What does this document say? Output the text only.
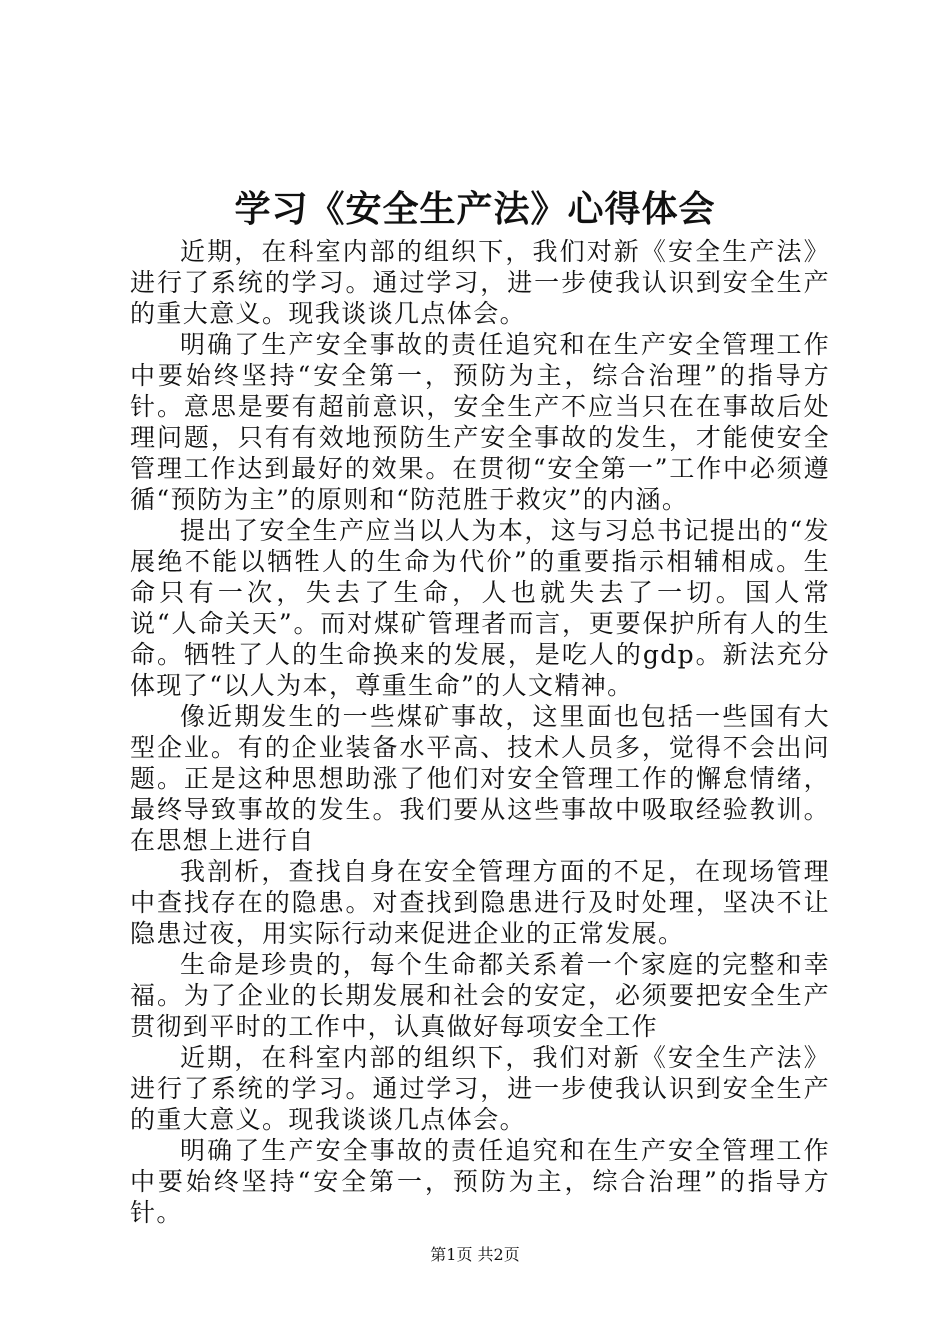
学习《安全生产法》心得体会

近期，在科室内部的组织下，我们对新《安全生产法》进行了系统的学习。通过学习，进一步使我认识到安全生产的重大意义。现我谈谈几点体会。

明确了生产安全事故的责任追究和在生产安全管理工作中要始终坚持“安全第一，预防为主，综合治理”的指导方针。意思是要有超前意识，安全生产不应当只在在事故后处理问题，只有有效地预防生产安全事故的发生，才能使安全管理工作达到最好的效果。在贯彻“安全第一”工作中必须遵循“预防为主”的原则和“防范胜于救灾”的内涵。

提出了安全生产应当以人为本，这与习总书记提出的“发展绝不能以牺牲人的生命为代价”的重要指示相辅相成。生命只有一次，失去了生命，人也就失去了一切。国人常说“人命关天”。而对煤矿管理者而言，更要保护所有人的生命。牺牲了人的生命换来的发展，是吃人的gdp。新法充分体现了“以人为本，尊重生命”的人文精神。

像近期发生的一些煤矿事故，这里面也包括一些国有大型企业。有的企业装备水平高、技术人员多，觉得不会出问题。正是这种思想助涨了他们对安全管理工作的懈怠情绪，最终导致事故的发生。我们要从这些事故中吸取经验教训。在思想上进行自

我剖析，查找自身在安全管理方面的不足，在现场管理中查找存在的隐患。对查找到隐患进行及时处理，坚决不让隐患过夜，用实际行动来促进企业的正常发展。

生命是珍贵的，每个生命都关系着一个家庭的完整和幸福。为了企业的长期发展和社会的安定，必须要把安全生产贯彻到平时的工作中，认真做好每项安全工作

近期，在科室内部的组织下，我们对新《安全生产法》进行了系统的学习。通过学习，进一步使我认识到安全生产的重大意义。现我谈谈几点体会。

明确了生产安全事故的责任追究和在生产安全管理工作中要始终坚持“安全第一，预防为主，综合治理”的指导方针。

第1页 共2页
